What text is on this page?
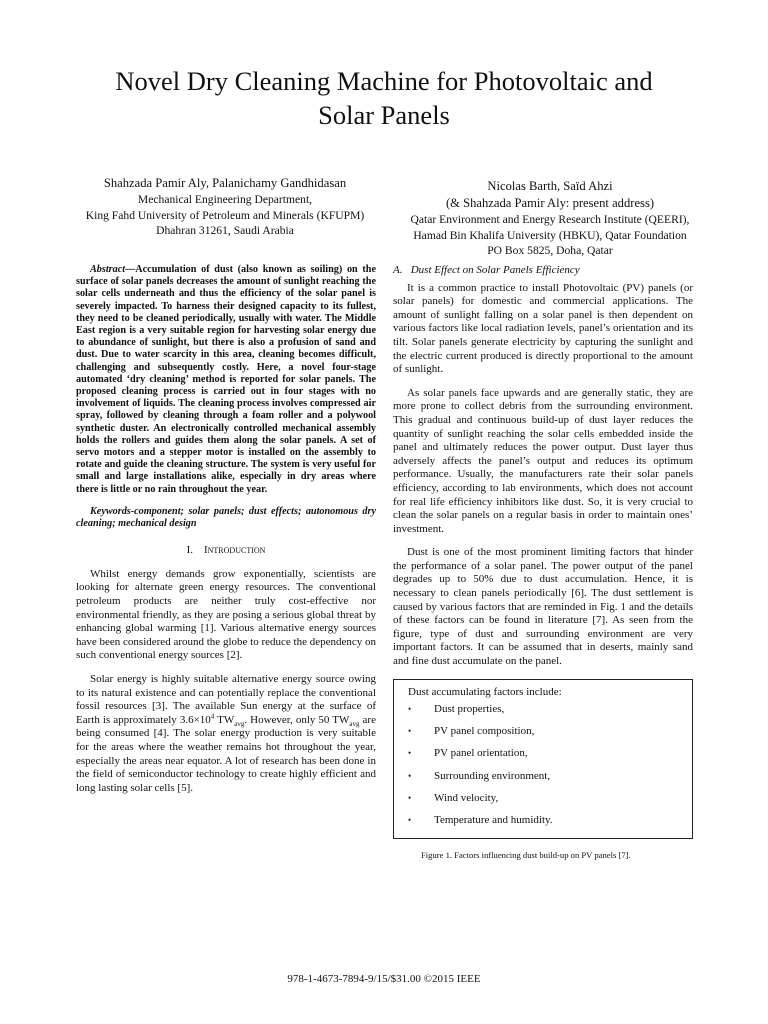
Novel Dry Cleaning Machine for Photovoltaic and
Solar Panels
Shahzada Pamir Aly, Palanichamy Gandhidasan
Mechanical Engineering Department,
King Fahd University of Petroleum and Minerals (KFUPM)
Dhahran 31261, Saudi Arabia
Nicolas Barth, Saïd Ahzi
(& Shahzada Pamir Aly: present address)
Qatar Environment and Energy Research Institute (QEERI),
Hamad Bin Khalifa University (HBKU), Qatar Foundation
PO Box 5825, Doha, Qatar

Abstract—Accumulation of dust (also known as soiling) on the surface of solar panels decreases the amount of sunlight reaching the solar cells underneath and thus the efficiency of the solar panel is severely impacted. To harness their designed capacity to its fullest, they need to be cleaned periodically, usually with water. The Middle East region is a very suitable region for harvesting solar energy due to abundance of sunlight, but there is also a profusion of sand and dust. Due to water scarcity in this area, cleaning becomes difficult, challenging and subsequently costly. Here, a novel four-stage automated ‘dry cleaning’ method is reported for solar panels. The proposed cleaning process is carried out in four stages with no involvement of liquids. The cleaning process involves compressed air spray, followed by cleaning through a foam roller and a polywool synthetic duster. An electronically controlled mechanical assembly holds the rollers and guides them along the solar panels. A set of servo motors and a stepper motor is installed on the assembly to rotate and guide the cleaning structure. The system is very useful for small and large installations alike, especially in dry areas where there is little or no rain throughout the year.

Keywords-component; solar panels; dust effects; autonomous dry cleaning; mechanical design

I. Introduction

Whilst energy demands grow exponentially, scientists are looking for alternate green energy resources. The conventional petroleum products are neither truly cost-effective nor environmental friendly, as they are posing a serious global threat by enhancing global warming [1]. Various alternative energy sources have been considered around the globe to reduce the dependency on such conventional energy sources [2].

Solar energy is highly suitable alternative energy source owing to its natural existence and can potentially replace the conventional fossil resources [3]. The available Sun energy at the surface of Earth is approximately $3.6\times 10^4$ $TW_{avg}$. However, only 50 $TW_{avg}$ are being consumed [4]. The solar energy production is very suitable for the areas where the weather remains hot throughout the year, especially the areas near equator. A lot of research has been done in the field of semiconductor technology to create highly efficient and long lasting solar cells [5].

A. Dust Effect on Solar Panels Efficiency

It is a common practice to install Photovoltaic (PV) panels (or solar panels) for domestic and commercial applications. The amount of sunlight falling on a solar panel is then dependent on various factors like local radiation levels, panel’s orientation and its tilt. Solar panels generate electricity by capturing the sunlight and the electric current produced is directly proportional to the amount of sunlight.

As solar panels face upwards and are generally static, they are more prone to collect debris from the surrounding environment. This gradual and continuous build-up of dust layer reduces the quantity of sunlight reaching the solar cells embedded inside the panel and ultimately reduces the power output. Dust layer thus adversely affects the panel’s output and reduces its optimum performance. Usually, the manufacturers rate their solar panels efficiency, according to lab environments, which does not account for real life efficiency inhibitors like dust. So, it is very crucial to clean the solar panels on a regular basis in order to maintain ones’ investment.

Dust is one of the most prominent limiting factors that hinder the performance of a solar panel. The power output of the panel degrades up to 50% due to dust accumulation. Hence, it is necessary to clean panels periodically [6]. The dust settlement is caused by various factors that are reminded in Fig. 1 and the details of these factors can be found in literature [7]. As seen from the figure, type of dust and surrounding environment are very important factors. It can be assumed that in deserts, mainly sand and fine dust accumulate on the panel.

Dust accumulating factors include:
•	Dust properties,
•	PV panel composition,
•	PV panel orientation,
•	Surrounding environment,
•	Wind velocity,
•	Temperature and humidity.
Figure 1. Factors influencing dust build-up on PV panels [7].
978-1-4673-7894-9/15/$31.00 ©2015 IEEE
